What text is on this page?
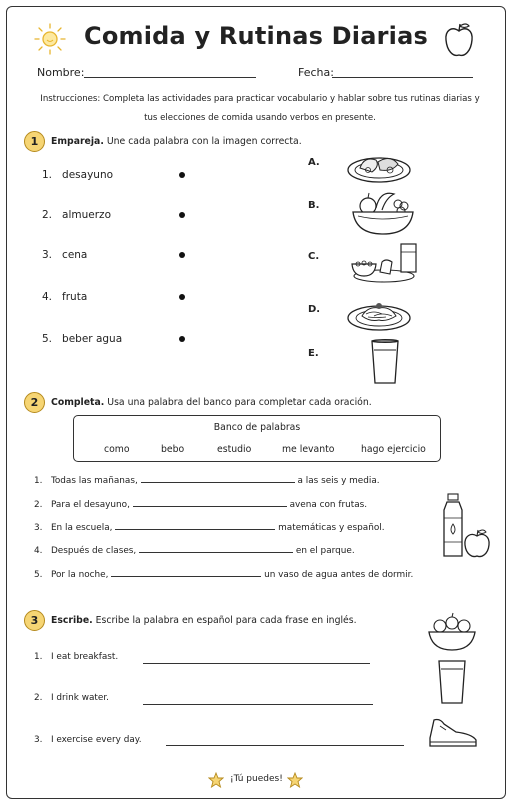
Comida y Rutinas Diarias
Nombre:	Fecha:
Instrucciones: Completa las actividades para practicar vocabulario y hablar sobre tus rutinas diarias y
tus elecciones de comida usando verbos en presente.
1	Empareja. Une cada palabra con la imagen correcta.
1. desayuno
2. almuerzo
3. cena
4. fruta
5. beber agua
A.
B.
C.
D.
E.
2	Completa. Usa una palabra del banco para completar cada oración.
Banco de palabras
como	bebo	estudio	me levanto	hago ejercicio
1. Todas las mañanas,	a las seis y media.
2. Para el desayuno,	avena con frutas.
3. En la escuela,	matemáticas y español.
4. Después de clases,	en el parque.
5. Por la noche,	un vaso de agua antes de dormir.
3	Escribe. Escribe la palabra en español para cada frase en inglés.
1. I eat breakfast.
2. I drink water.
3. I exercise every day.
¡Tú puedes!
